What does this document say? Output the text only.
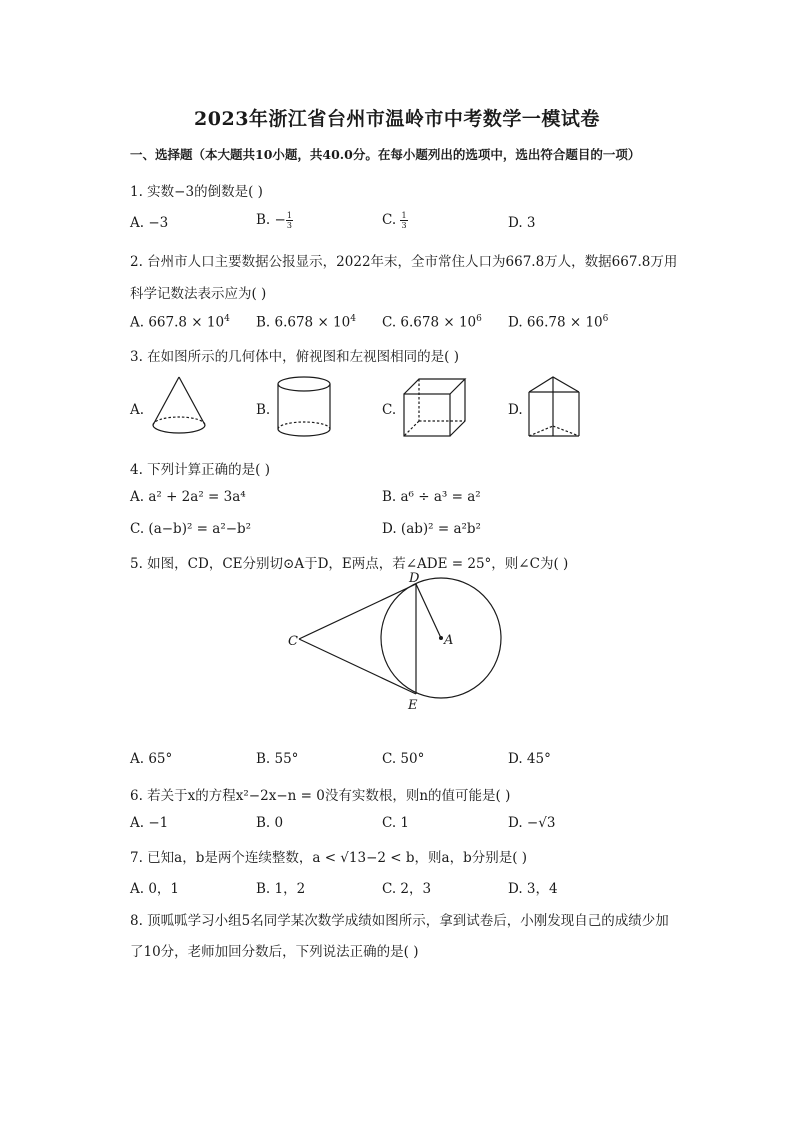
2023年浙江省台州市温岭市中考数学一模试卷
一、选择题（本大题共10小题，共40.0分。在每小题列出的选项中，选出符合题目的一项）
1. 实数−3的倒数是( )
A. −3	B. − $\frac{1}{3}$	C. $\frac{1}{3}$	D. 3
2. 台州市人口主要数据公报显示，2022年末，全市常住人口为667.8万人，数据667.8万用
科学记数法表示应为( )
A. $667.8 \times 10^4$ B. $6.678 \times 10^4$ C. $6.678 \times 10^6$ D. $66.78 \times 10^6$
3. 在如图所示的几何体中，俯视图和左视图相同的是( )
A.	B.	C.	D.
4. 下列计算正确的是( )
A. a² + 2a² = 3a⁴	B. a⁶ ÷ a³ = a²
C. (a−b)² = a²−b²	D. (ab)² = a²b²
5. 如图，CD，CE分别切⊙A于D，E两点，若∠ADE = 25°，则∠C为( )
D
E
C	A
A. 65°	B. 55°	C. 50°	D. 45°
6. 若关于x的方程x²−2x−n = 0没有实数根，则n的值可能是( )
A. −1	B. 0	C. 1	D. −√3
7. 已知a，b是两个连续整数，a < √13−2 < b，则a，b分别是( )
A. 0，1	B. 1，2	C. 2，3	D. 3，4
8. 顶呱呱学习小组5名同学某次数学成绩如图所示，拿到试卷后，小刚发现自己的成绩少加
了10分，老师加回分数后，下列说法正确的是( )
